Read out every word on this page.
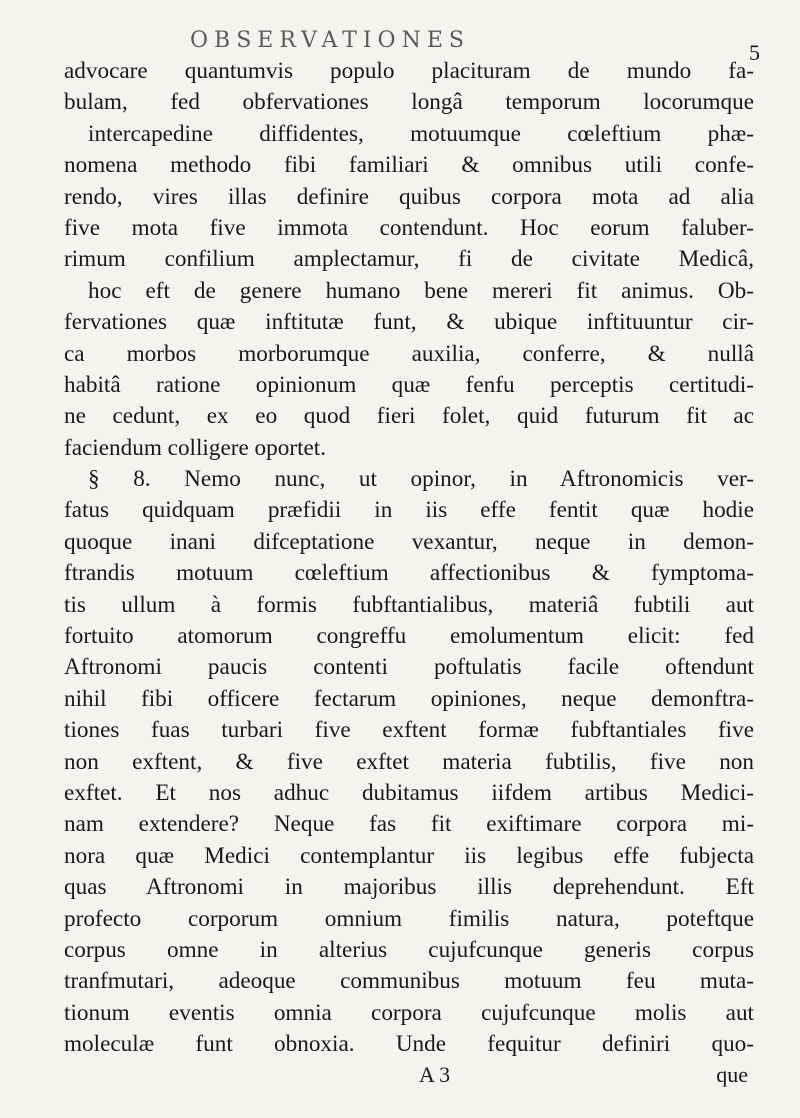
OBSERVATIONES	5
advocare quantumvis populo placituram de mundo fa-
bulam, fed obfervationes longâ temporum locorumque
intercapedine diffidentes, motuumque cœleftium phæ-
nomena methodo fibi familiari & omnibus utili confe-
rendo, vires illas definire quibus corpora mota ad alia
five mota five immota contendunt. Hoc eorum faluber-
rimum confilium amplectamur, fi de civitate Medicâ,
hoc eft de genere humano bene mereri fit animus. Ob-
fervationes quæ inftitutæ funt, & ubique inftituuntur cir-
ca morbos morborumque auxilia, conferre, & nullâ
habitâ ratione opinionum quæ fenfu perceptis certitudi-
ne cedunt, ex eo quod fieri folet, quid futurum fit ac
faciendum colligere oportet.
§ 8. Nemo nunc, ut opinor, in Aftronomicis ver-
fatus quidquam præfidii in iis effe fentit quæ hodie
quoque inani difceptatione vexantur, neque in demon-
ftrandis motuum cœleftium affectionibus & fymptoma-
tis ullum à formis fubftantialibus, materiâ fubtili aut
fortuito atomorum congreffu emolumentum elicit: fed
Aftronomi paucis contenti poftulatis facile oftendunt
nihil fibi officere fectarum opiniones, neque demonftra-
tiones fuas turbari five exftent formæ fubftantiales five
non exftent, & five exftet materia fubtilis, five non
exftet. Et nos adhuc dubitamus iifdem artibus Medici-
nam extendere? Neque fas fit exiftimare corpora mi-
nora quæ Medici contemplantur iis legibus effe fubjecta
quas Aftronomi in majoribus illis deprehendunt. Eft
profecto corporum omnium fimilis natura, poteftque
corpus omne in alterius cujufcunque generis corpus
tranfmutari, adeoque communibus motuum feu muta-
tionum eventis omnia corpora cujufcunque molis aut
moleculæ funt obnoxia. Unde fequitur definiri quo-
A 3	que
